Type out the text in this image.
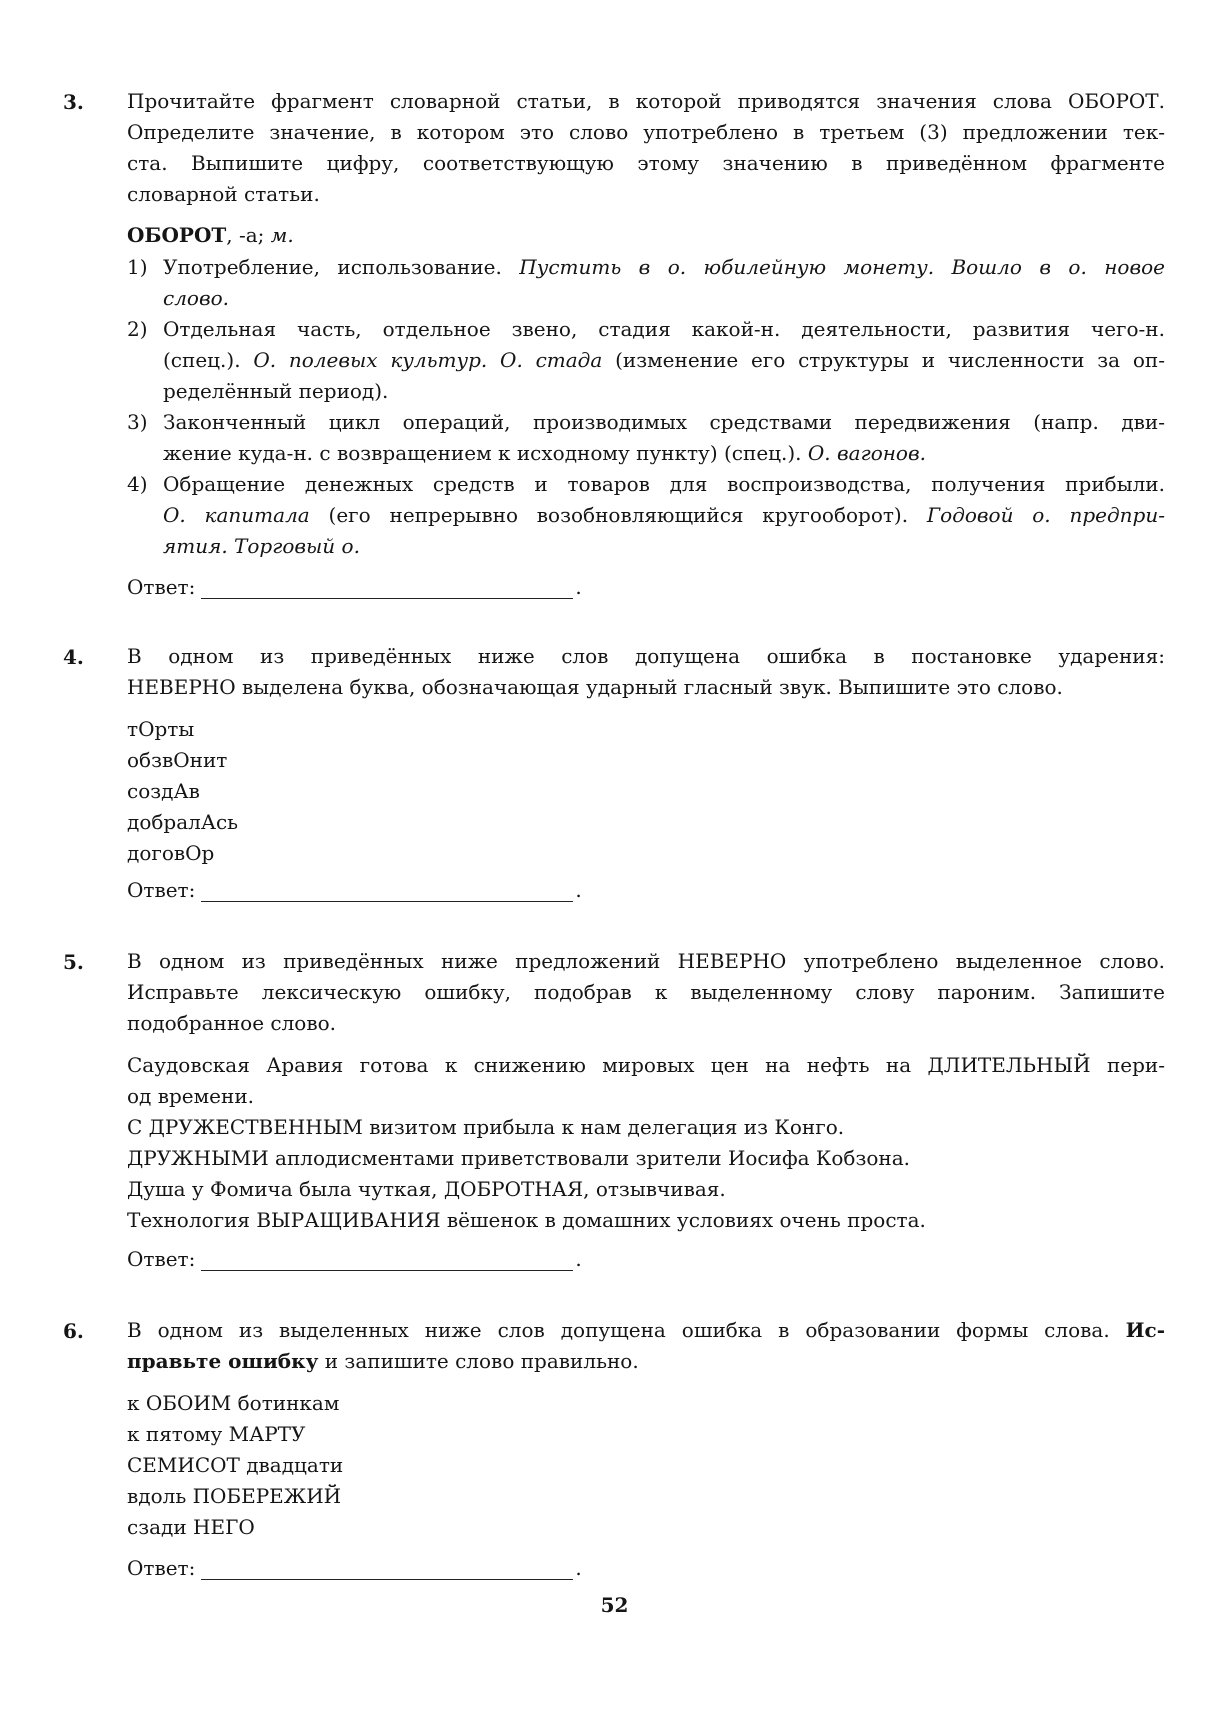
3. Прочитайте фрагмент словарной статьи, в которой приводятся значения слова ОБОРОТ.
Определите значение, в котором это слово употреблено в третьем (3) предложении тек-
ста. Выпишите цифру, соответствующую этому значению в приведённом фрагменте
словарной статьи.
ОБОРОТ, -а; м.
1) Употребление, использование. Пустить в о. юбилейную монету. Вошло в о. новое
слово.
2) Отдельная часть, отдельное звено, стадия какой-н. деятельности, развития чего-н.
(спец.). О. полевых культур. О. стада (изменение его структуры и численности за оп-
ределённый период).
3) Законченный цикл операций, производимых средствами передвижения (напр. дви-
жение куда-н. с возвращением к исходному пункту) (спец.). О. вагонов.
4) Обращение денежных средств и товаров для воспроизводства, получения прибыли.
О. капитала (его непрерывно возобновляющийся кругооборот). Годовой о. предпри-
ятия. Торговый о.
Ответ:	.
4. В одном из приведённых ниже слов допущена ошибка в постановке ударения:
НЕВЕРНО выделена буква, обозначающая ударный гласный звук. Выпишите это слово.
тОрты
обзвОнит
создАв
добралАсь
договОр
Ответ:	.
5. В одном из приведённых ниже предложений НЕВЕРНО употреблено выделенное слово.
Исправьте лексическую ошибку, подобрав к выделенному слову пароним. Запишите
подобранное слово.
Саудовская Аравия готова к снижению мировых цен на нефть на ДЛИТЕЛЬНЫЙ пери-
од времени.
С ДРУЖЕСТВЕННЫМ визитом прибыла к нам делегация из Конго.
ДРУЖНЫМИ аплодисментами приветствовали зрители Иосифа Кобзона.
Душа у Фомича была чуткая, ДОБРОТНАЯ, отзывчивая.
Технология ВЫРАЩИВАНИЯ вёшенок в домашних условиях очень проста.
Ответ:	.
6. В одном из выделенных ниже слов допущена ошибка в образовании формы слова. Ис-
правьте ошибку и запишите слово правильно.
к ОБОИМ ботинкам
к пятому МАРТУ
СЕМИСОТ двадцати
вдоль ПОБЕРЕЖИЙ
сзади НЕГО
Ответ:	.
52
